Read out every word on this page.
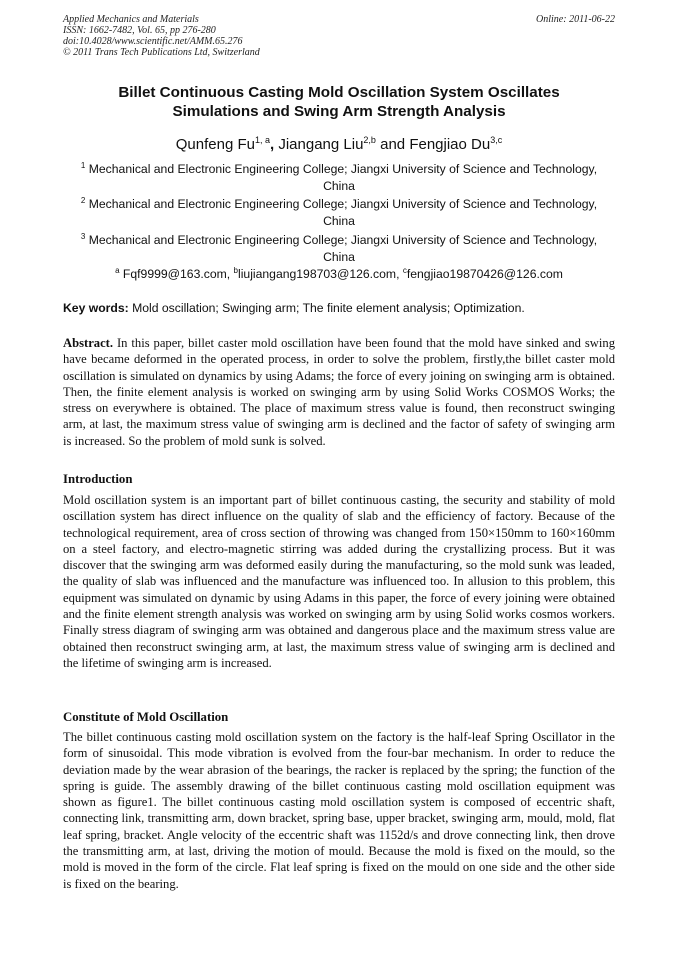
Applied Mechanics and Materials
ISSN: 1662-7482, Vol. 65, pp 276-280
doi:10.4028/www.scientific.net/AMM.65.276
© 2011 Trans Tech Publications Ltd, Switzerland
Online: 2011-06-22
Billet Continuous Casting Mold Oscillation System Oscillates
Simulations and Swing Arm Strength Analysis
Qunfeng Fu$^{1, a}$, Jiangang Liu$^{2,b}$ and Fengjiao Du$^{3,c}$
$^1$ Mechanical and Electronic Engineering College; Jiangxi University of Science and Technology,
China
$^2$ Mechanical and Electronic Engineering College; Jiangxi University of Science and Technology,
China
$^3$ Mechanical and Electronic Engineering College; Jiangxi University of Science and Technology,
China
$^a$ Fqf9999@163.com, $^b$liujiangang198703@126.com, $^c$fengjiao19870426@126.com
Key words: Mold oscillation; Swinging arm; The finite element analysis; Optimization.
Abstract. In this paper, billet caster mold oscillation have been found that the mold have sinked and swing have became deformed in the operated process, in order to solve the problem, firstly,the billet caster mold oscillation is simulated on dynamics by using Adams; the force of every joining on swinging arm is obtained. Then, the finite element analysis is worked on swinging arm by using Solid Works COSMOS Works; the stress on everywhere is obtained. The place of maximum stress value is found, then reconstruct swinging arm, at last, the maximum stress value of swinging arm is declined and the factor of safety of swinging arm is increased. So the problem of mold sunk is solved.
Introduction
Mold oscillation system is an important part of billet continuous casting, the security and stability of mold oscillation system has direct influence on the quality of slab and the efficiency of factory. Because of the technological requirement, area of cross section of throwing was changed from 150×150mm to 160×160mm on a steel factory, and electro-magnetic stirring was added during the crystallizing process. But it was discover that the swinging arm was deformed easily during the manufacturing, so the mold sunk was leaded, the quality of slab was influenced and the manufacture was influenced too. In allusion to this problem, this equipment was simulated on dynamic by using Adams in this paper, the force of every joining were obtained and the finite element strength analysis was worked on swinging arm by using Solid works cosmos workers. Finally stress diagram of swinging arm was obtained and dangerous place and the maximum stress value are obtained then reconstruct swinging arm, at last, the maximum stress value of swinging arm is declined and the lifetime of swinging arm is increased.
Constitute of Mold Oscillation
The billet continuous casting mold oscillation system on the factory is the half-leaf Spring Oscillator in the form of sinusoidal. This mode vibration is evolved from the four-bar mechanism. In order to reduce the deviation made by the wear abrasion of the bearings, the racker is replaced by the spring; the function of the spring is guide. The assembly drawing of the billet continuous casting mold oscillation equipment was shown as figure1. The billet continuous casting mold oscillation system is composed of eccentric shaft, connecting link, transmitting arm, down bracket, spring base, upper bracket, swinging arm, mould, mold, flat leaf spring, bracket. Angle velocity of the eccentric shaft was 1152d/s and drove connecting link, then drove the transmitting arm, at last, driving the motion of mould. Because the mold is fixed on the mould, so the mold is moved in the form of the circle. Flat leaf spring is fixed on the mould on one side and the other side is fixed on the bearing.
